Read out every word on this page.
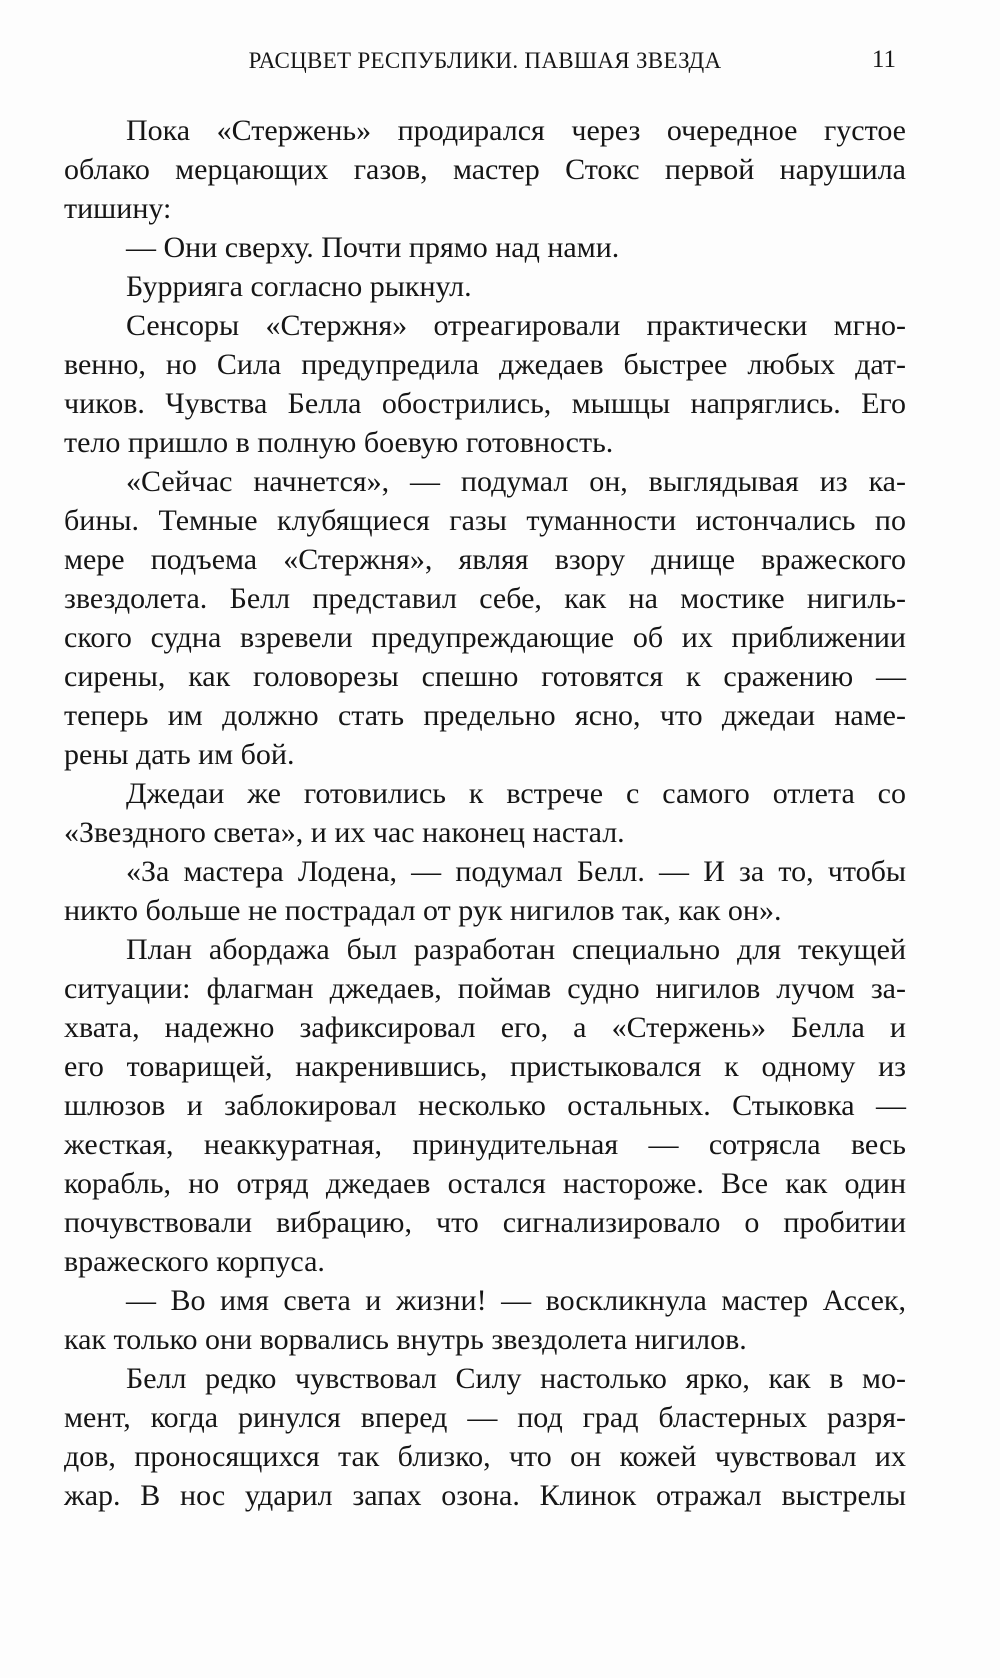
РАСЦВЕТ РЕСПУБЛИКИ. ПАВШАЯ ЗВЕЗДА	11
Пока «Стержень» продирался через очередное густое
облако мерцающих газов, мастер Стокс первой нарушила
тишину:
— Они сверху. Почти прямо над нами.
Буррияга согласно рыкнул.
Сенсоры «Стержня» отреагировали практически мгно-
венно, но Сила предупредила джедаев быстрее любых дат-
чиков. Чувства Белла обострились, мышцы напряглись. Его
тело пришло в полную боевую готовность.
«Сейчас начнется», — подумал он, выглядывая из ка-
бины. Темные клубящиеся газы туманности истончались по
мере подъема «Стержня», являя взору днище вражеского
звездолета. Белл представил себе, как на мостике нигиль-
ского судна взревели предупреждающие об их приближении
сирены, как головорезы спешно готовятся к сражению —
теперь им должно стать предельно ясно, что джедаи наме-
рены дать им бой.
Джедаи же готовились к встрече с самого отлета со
«Звездного света», и их час наконец настал.
«За мастера Лодена, — подумал Белл. — И за то, чтобы
никто больше не пострадал от рук нигилов так, как он».
План абордажа был разработан специально для текущей
ситуации: флагман джедаев, поймав судно нигилов лучом за-
хвата, надежно зафиксировал его, а «Стержень» Белла и
его товарищей, накренившись, пристыковался к одному из
шлюзов и заблокировал несколько остальных. Стыковка —
жесткая, неаккуратная, принудительная — сотрясла весь
корабль, но отряд джедаев остался настороже. Все как один
почувствовали вибрацию, что сигнализировало о пробитии
вражеского корпуса.
— Во имя света и жизни! — воскликнула мастер Ассек,
как только они ворвались внутрь звездолета нигилов.
Белл редко чувствовал Силу настолько ярко, как в мо-
мент, когда ринулся вперед — под град бластерных разря-
дов, проносящихся так близко, что он кожей чувствовал их
жар. В нос ударил запах озона. Клинок отражал выстрелы
